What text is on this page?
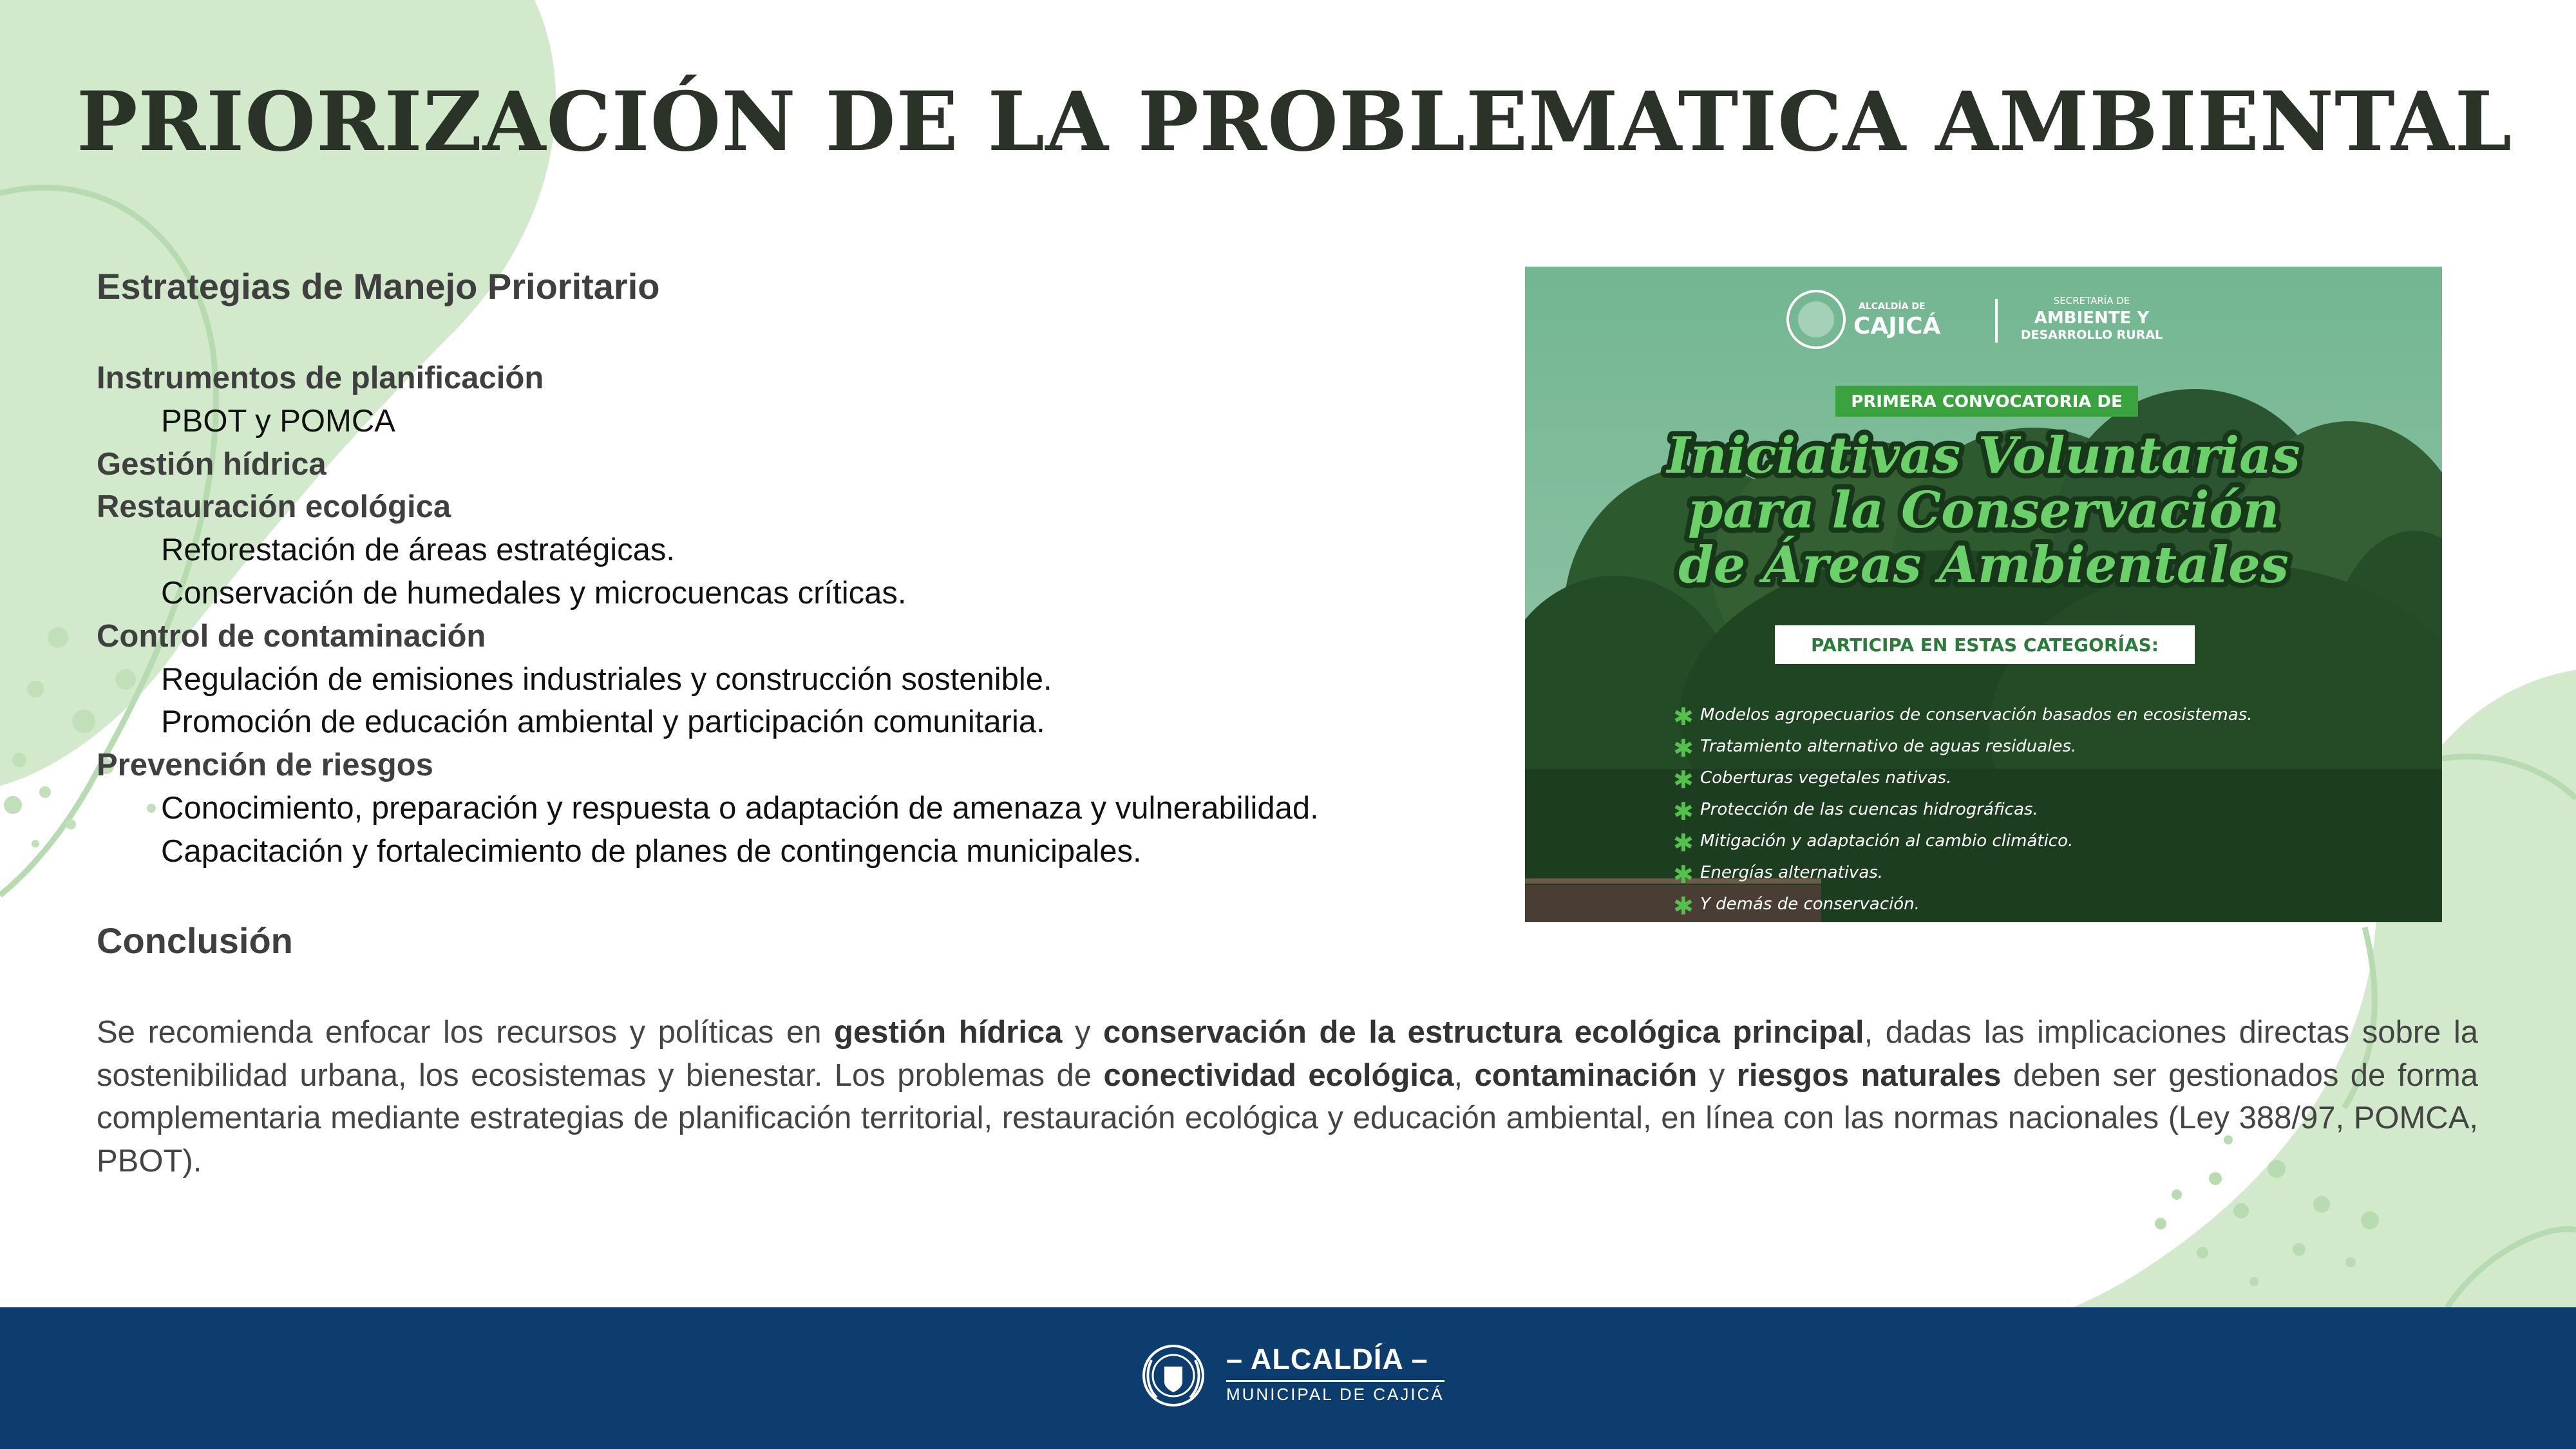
PRIORIZACIÓN DE LA PROBLEMATICA AMBIENTAL
Estrategias de Manejo Prioritario
Instrumentos de planificación
PBOT y POMCA
Gestión hídrica
Restauración ecológica
Reforestación de áreas estratégicas.
Conservación de humedales y microcuencas críticas.
Control de contaminación
Regulación de emisiones industriales y construcción sostenible.
Promoción de educación ambiental y participación comunitaria.
Prevención de riesgos
Conocimiento, preparación y respuesta o adaptación de amenaza y vulnerabilidad.
Capacitación y fortalecimiento de planes de contingencia municipales.
Conclusión
Se recomienda enfocar los recursos y políticas en gestión hídrica y conservación de la estructura ecológica principal, dadas las implicaciones directas sobre la sostenibilidad urbana, los ecosistemas y bienestar. Los problemas de conectividad ecológica, contaminación y riesgos naturales deben ser gestionados de forma complementaria mediante estrategias de planificación territorial, restauración ecológica y educación ambiental, en línea con las normas nacionales (Ley 388/97, POMCA, PBOT).
ALCALDÍA DE
CAJICÁ
SECRETARÍA DE
AMBIENTE Y
DESARROLLO RURAL
PRIMERA CONVOCATORIA DE
Iniciativas Voluntarias
para la Conservación
de Áreas Ambientales
PARTICIPA EN ESTAS CATEGORÍAS:
✱ Modelos agropecuarios de conservación basados en ecosistemas.
✱ Tratamiento alternativo de aguas residuales.
✱ Coberturas vegetales nativas.
✱ Protección de las cuencas hidrográficas.
✱ Mitigación y adaptación al cambio climático.
✱ Energías alternativas.
✱ Y demás de conservación.
– ALCALDÍA –
MUNICIPAL DE CAJICÁ
